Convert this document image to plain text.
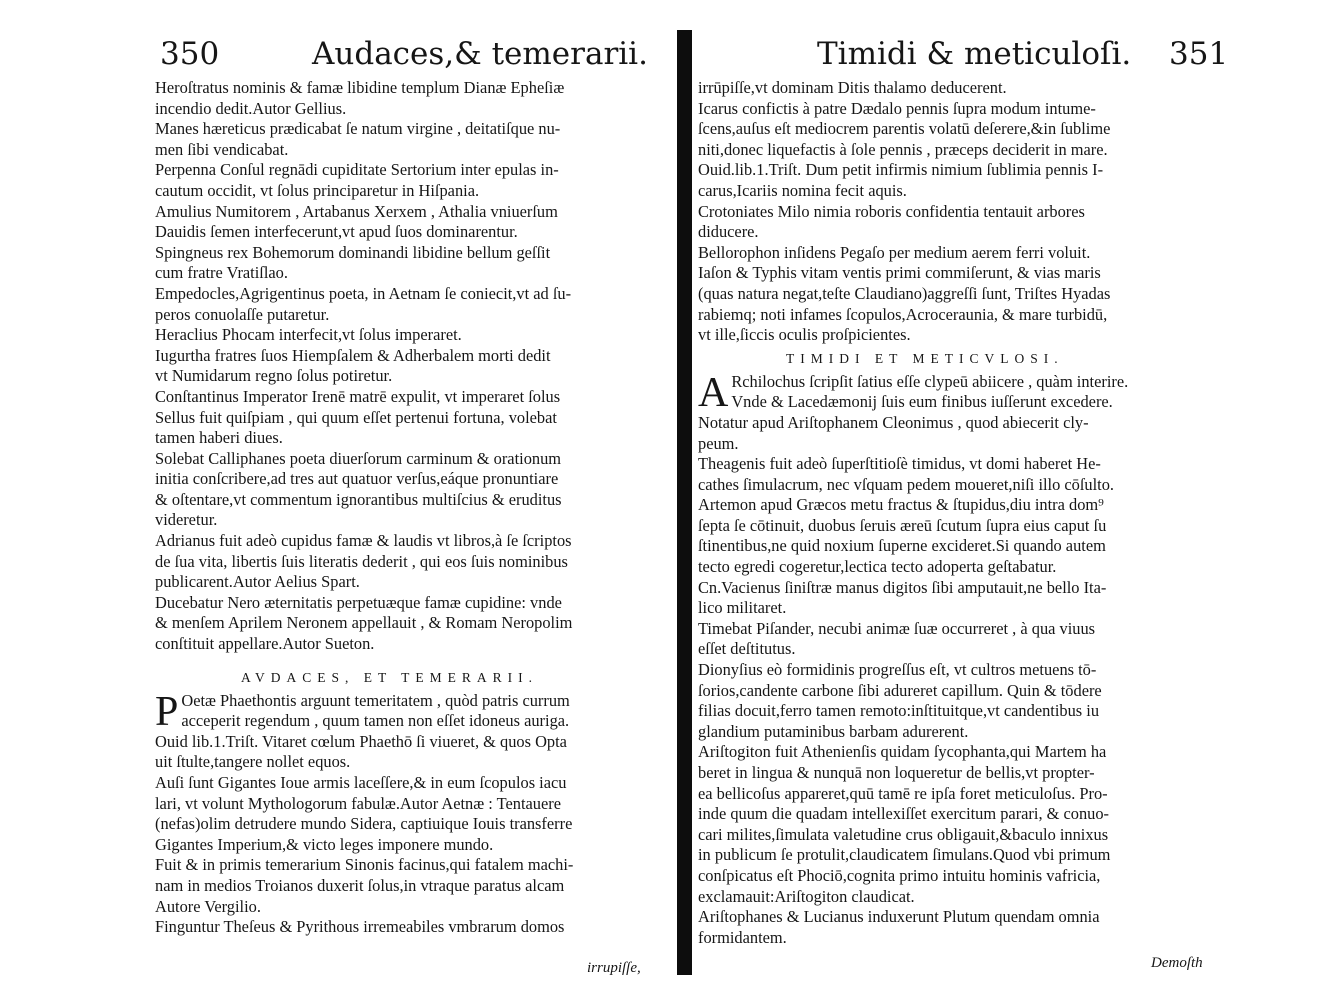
350	Audaces,& temerarii.
Heroſtratus nominis & famæ libidine templum Dianæ Epheſiæ
incendio dedit.Autor Gellius.
Manes hæreticus prædicabat ſe natum virgine , deitatiſque nu-
men ſibi vendicabat.
Perpenna Conſul regnādi cupiditate Sertorium inter epulas in-
cautum occidit, vt ſolus principaretur in Hiſpania.
Amulius Numitorem , Artabanus Xerxem , Athalia vniuerſum
Dauidis ſemen interfecerunt,vt apud ſuos dominarentur.
Spingneus rex Bohemorum dominandi libidine bellum geſſit
cum fratre Vratiſlao.
Empedocles,Agrigentinus poeta, in Aetnam ſe coniecit,vt ad ſu-
peros conuolaſſe putaretur.
Heraclius Phocam interfecit,vt ſolus imperaret.
Iugurtha fratres ſuos Hiempſalem & Adherbalem morti dedit
vt Numidarum regno ſolus potiretur.
Conſtantinus Imperator Irenē matrē expulit, vt imperaret ſolus
Sellus fuit quiſpiam , qui quum eſſet pertenui fortuna, volebat
tamen haberi diues.
Solebat Calliphanes poeta diuerſorum carminum & orationum
initia conſcribere,ad tres aut quatuor verſus,eáque pronuntiare
& oſtentare,vt commentum ignorantibus multiſcius & eruditus
videretur.
Adrianus fuit adeò cupidus famæ & laudis vt libros,à ſe ſcriptos
de ſua vita, libertis ſuis literatis dederit , qui eos ſuis nominibus
publicarent.Autor Aelius Spart.
Ducebatur Nero æternitatis perpetuæque famæ cupidine: vnde
& menſem Aprilem Neronem appellauit , & Romam Neropolim
conſtituit appellare.Autor Sueton.
AVDACES, ET TEMERARII.
P Oetæ Phaethontis arguunt temeritatem , quòd patris currum
acceperit regendum , quum tamen non eſſet idoneus auriga.
Ouid lib.1.Triſt. Vitaret cœlum Phaethō ſi viueret, & quos Opta
uit ſtulte,tangere nollet equos.
Auſi ſunt Gigantes Ioue armis laceſſere,& in eum ſcopulos iacu
lari, vt volunt Mythologorum fabulæ.Autor Aetnæ : Tentauere
(nefas)olim detrudere mundo Sidera, captiuique Iouis transferre
Gigantes Imperium,& victo leges imponere mundo.
Fuit & in primis temerarium Sinonis facinus,qui fatalem machi-
nam in medios Troianos duxerit ſolus,in vtraque paratus alcam
Autore Vergilio.
Finguntur Theſeus & Pyrithous irremeabiles vmbrarum domos
irrupiſſe,
Timidi & meticuloſi. 351
irrūpiſſe,vt dominam Ditis thalamo deducerent.
Icarus confictis à patre Dædalo pennis ſupra modum intume-
ſcens,auſus eſt mediocrem parentis volatū deſerere,&in ſublime
niti,donec liquefactis à ſole pennis , præceps deciderit in mare.
Ouid.lib.1.Triſt. Dum petit infirmis nimium ſublimia pennis I-
carus,Icariis nomina fecit aquis.
Crotoniates Milo nimia roboris confidentia tentauit arbores
diducere.
Bellorophon inſidens Pegaſo per medium aerem ferri voluit.
Iaſon & Typhis vitam ventis primi commiſerunt, & vias maris
(quas natura negat,teſte Claudiano)aggreſſi ſunt, Triſtes Hyadas
rabiemq; noti infames ſcopulos,Acroceraunia, & mare turbidū,
vt ille,ſiccis oculis proſpicientes.
TIMIDI ET METICVLOSI.
A Rchilochus ſcripſit ſatius eſſe clypeū abiicere , quàm interire.
Vnde & Lacedæmonij ſuis eum finibus iuſſerunt excedere.
Notatur apud Ariſtophanem Cleonimus , quod abiecerit cly-
peum.
Theagenis fuit adeò ſuperſtitioſè timidus, vt domi haberet He-
cathes ſimulacrum, nec vſquam pedem moueret,niſi illo cōſulto.
Artemon apud Græcos metu fractus & ſtupidus,diu intra dom⁹
ſepta ſe cōtinuit, duobus ſeruis æreū ſcutum ſupra eius caput ſu
ſtinentibus,ne quid noxium ſuperne excideret.Si quando autem
tecto egredi cogeretur,lectica tecto adoperta geſtabatur.
Cn.Vacienus ſiniſtræ manus digitos ſibi amputauit,ne bello Ita-
lico militaret.
Timebat Piſander, necubi animæ ſuæ occurreret , à qua viuus
eſſet deſtitutus.
Dionyſius eò formidinis progreſſus eſt, vt cultros metuens tō-
ſorios,candente carbone ſibi adureret capillum. Quin & tōdere
filias docuit,ferro tamen remoto:inſtituitque,vt candentibus iu
glandium putaminibus barbam adurerent.
Ariſtogiton fuit Athenienſis quidam ſycophanta,qui Martem ha
beret in lingua & nunquā non loqueretur de bellis,vt propter-
ea bellicoſus appareret,quū tamē re ipſa foret meticuloſus. Pro-
inde quum die quadam intellexiſſet exercitum parari, & conuo-
cari milites,ſimulata valetudine crus obligauit,&baculo innixus
in publicum ſe protulit,claudicatem ſimulans.Quod vbi primum
conſpicatus eſt Phociō,cognita primo intuitu hominis vafricia,
exclamauit:Ariſtogiton claudicat.
Ariſtophanes & Lucianus induxerunt Plutum quendam omnia
formidantem.
Demoſth
